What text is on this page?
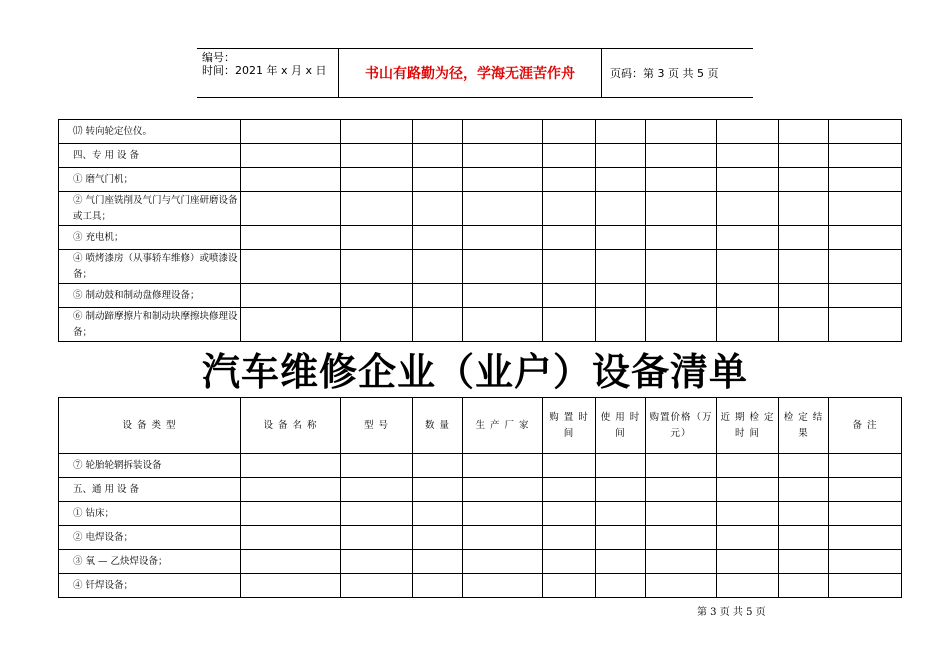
编号：
时间：2021 年 x 月 x 日	书山有路勤为径，学海无涯苦作舟	页码：第 3 页 共 5 页
⒄ 转向轮定位仪。										
四、专 用 设 备										
① 磨气门机；										
② 气门座铣削及气门与气门座研磨设备或工具；										
③ 充电机；										
④ 喷烤漆房（从事轿车维修）或喷漆设备；										
⑤ 制动鼓和制动盘修理设备；										
⑥ 制动蹄摩擦片和制动块摩擦块修理设备；										
汽车维修企业（业户）设备清单
设 备 类 型	设 备 名 称	型 号	数 量	生 产 厂 家	购 置 时 间	使 用 时 间	购置价格（万元）	近 期 检 定 时 间	检 定 结 果	备 注
⑦ 轮胎轮辋拆装设备										
五、通 用 设 备										
① 钻床；										
② 电焊设备；										
③ 氧 — 乙炔焊设备；										
④ 钎焊设备；										
第 3 页 共 5 页
